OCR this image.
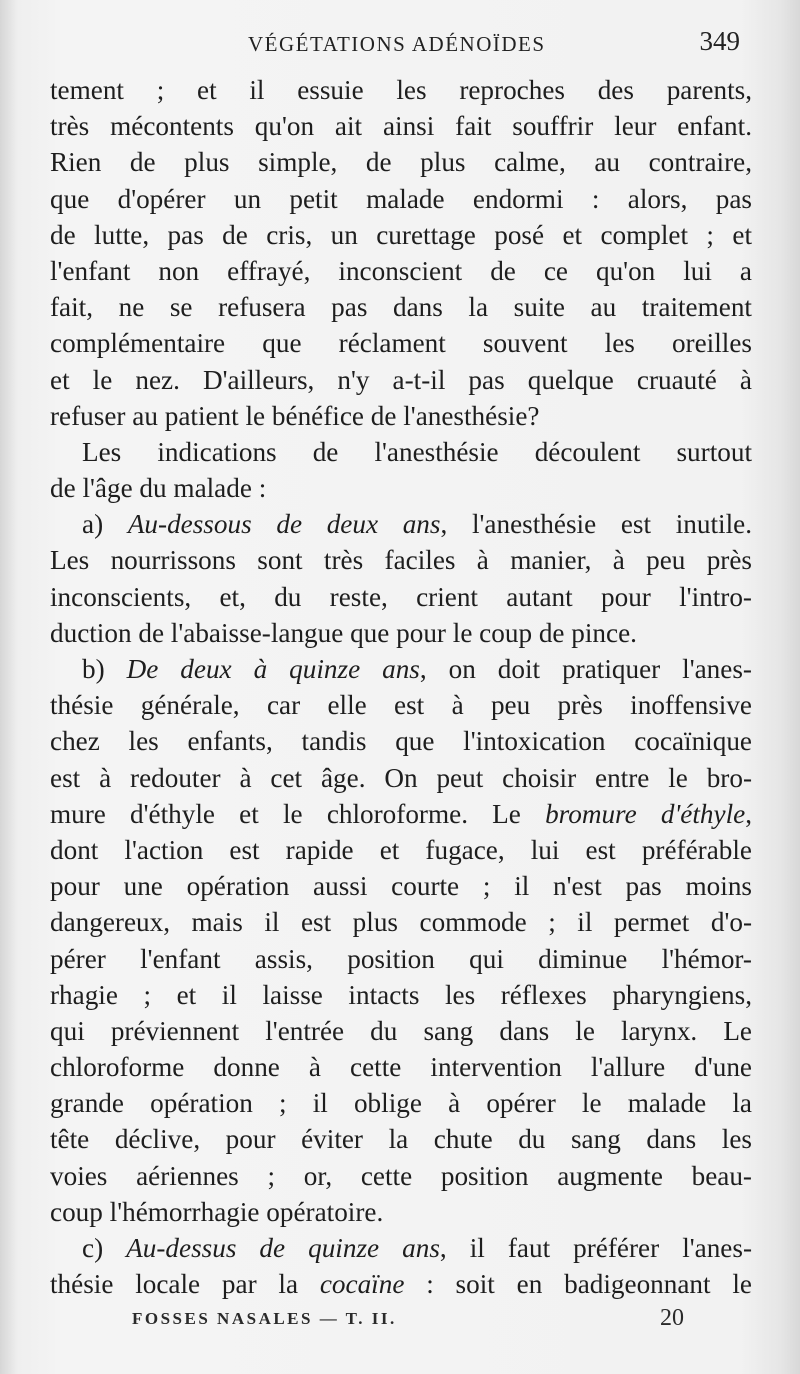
VÉGÉTATIONS ADÉNOÏDES	349
tement ; et il essuie les reproches des parents,
très mécontents qu'on ait ainsi fait souffrir leur enfant.
Rien de plus simple, de plus calme, au contraire,
que d'opérer un petit malade endormi : alors, pas
de lutte, pas de cris, un curettage posé et complet ; et
l'enfant non effrayé, inconscient de ce qu'on lui a
fait, ne se refusera pas dans la suite au traitement
complémentaire que réclament souvent les oreilles
et le nez. D'ailleurs, n'y a-t-il pas quelque cruauté à
refuser au patient le bénéfice de l'anesthésie?
Les indications de l'anesthésie découlent surtout
de l'âge du malade :
a) Au-dessous de deux ans, l'anesthésie est inutile.
Les nourrissons sont très faciles à manier, à peu près
inconscients, et, du reste, crient autant pour l'intro-
duction de l'abaisse-langue que pour le coup de pince.
b) De deux à quinze ans, on doit pratiquer l'anes-
thésie générale, car elle est à peu près inoffensive
chez les enfants, tandis que l'intoxication cocaïnique
est à redouter à cet âge. On peut choisir entre le bro-
mure d'éthyle et le chloroforme. Le bromure d'éthyle,
dont l'action est rapide et fugace, lui est préférable
pour une opération aussi courte ; il n'est pas moins
dangereux, mais il est plus commode ; il permet d'o-
pérer l'enfant assis, position qui diminue l'hémor-
rhagie ; et il laisse intacts les réflexes pharyngiens,
qui préviennent l'entrée du sang dans le larynx. Le
chloroforme donne à cette intervention l'allure d'une
grande opération ; il oblige à opérer le malade la
tête déclive, pour éviter la chute du sang dans les
voies aériennes ; or, cette position augmente beau-
coup l'hémorrhagie opératoire.
c) Au-dessus de quinze ans, il faut préférer l'anes-
thésie locale par la cocaïne : soit en badigeonnant le
FOSSES NASALES — T. II.	20
